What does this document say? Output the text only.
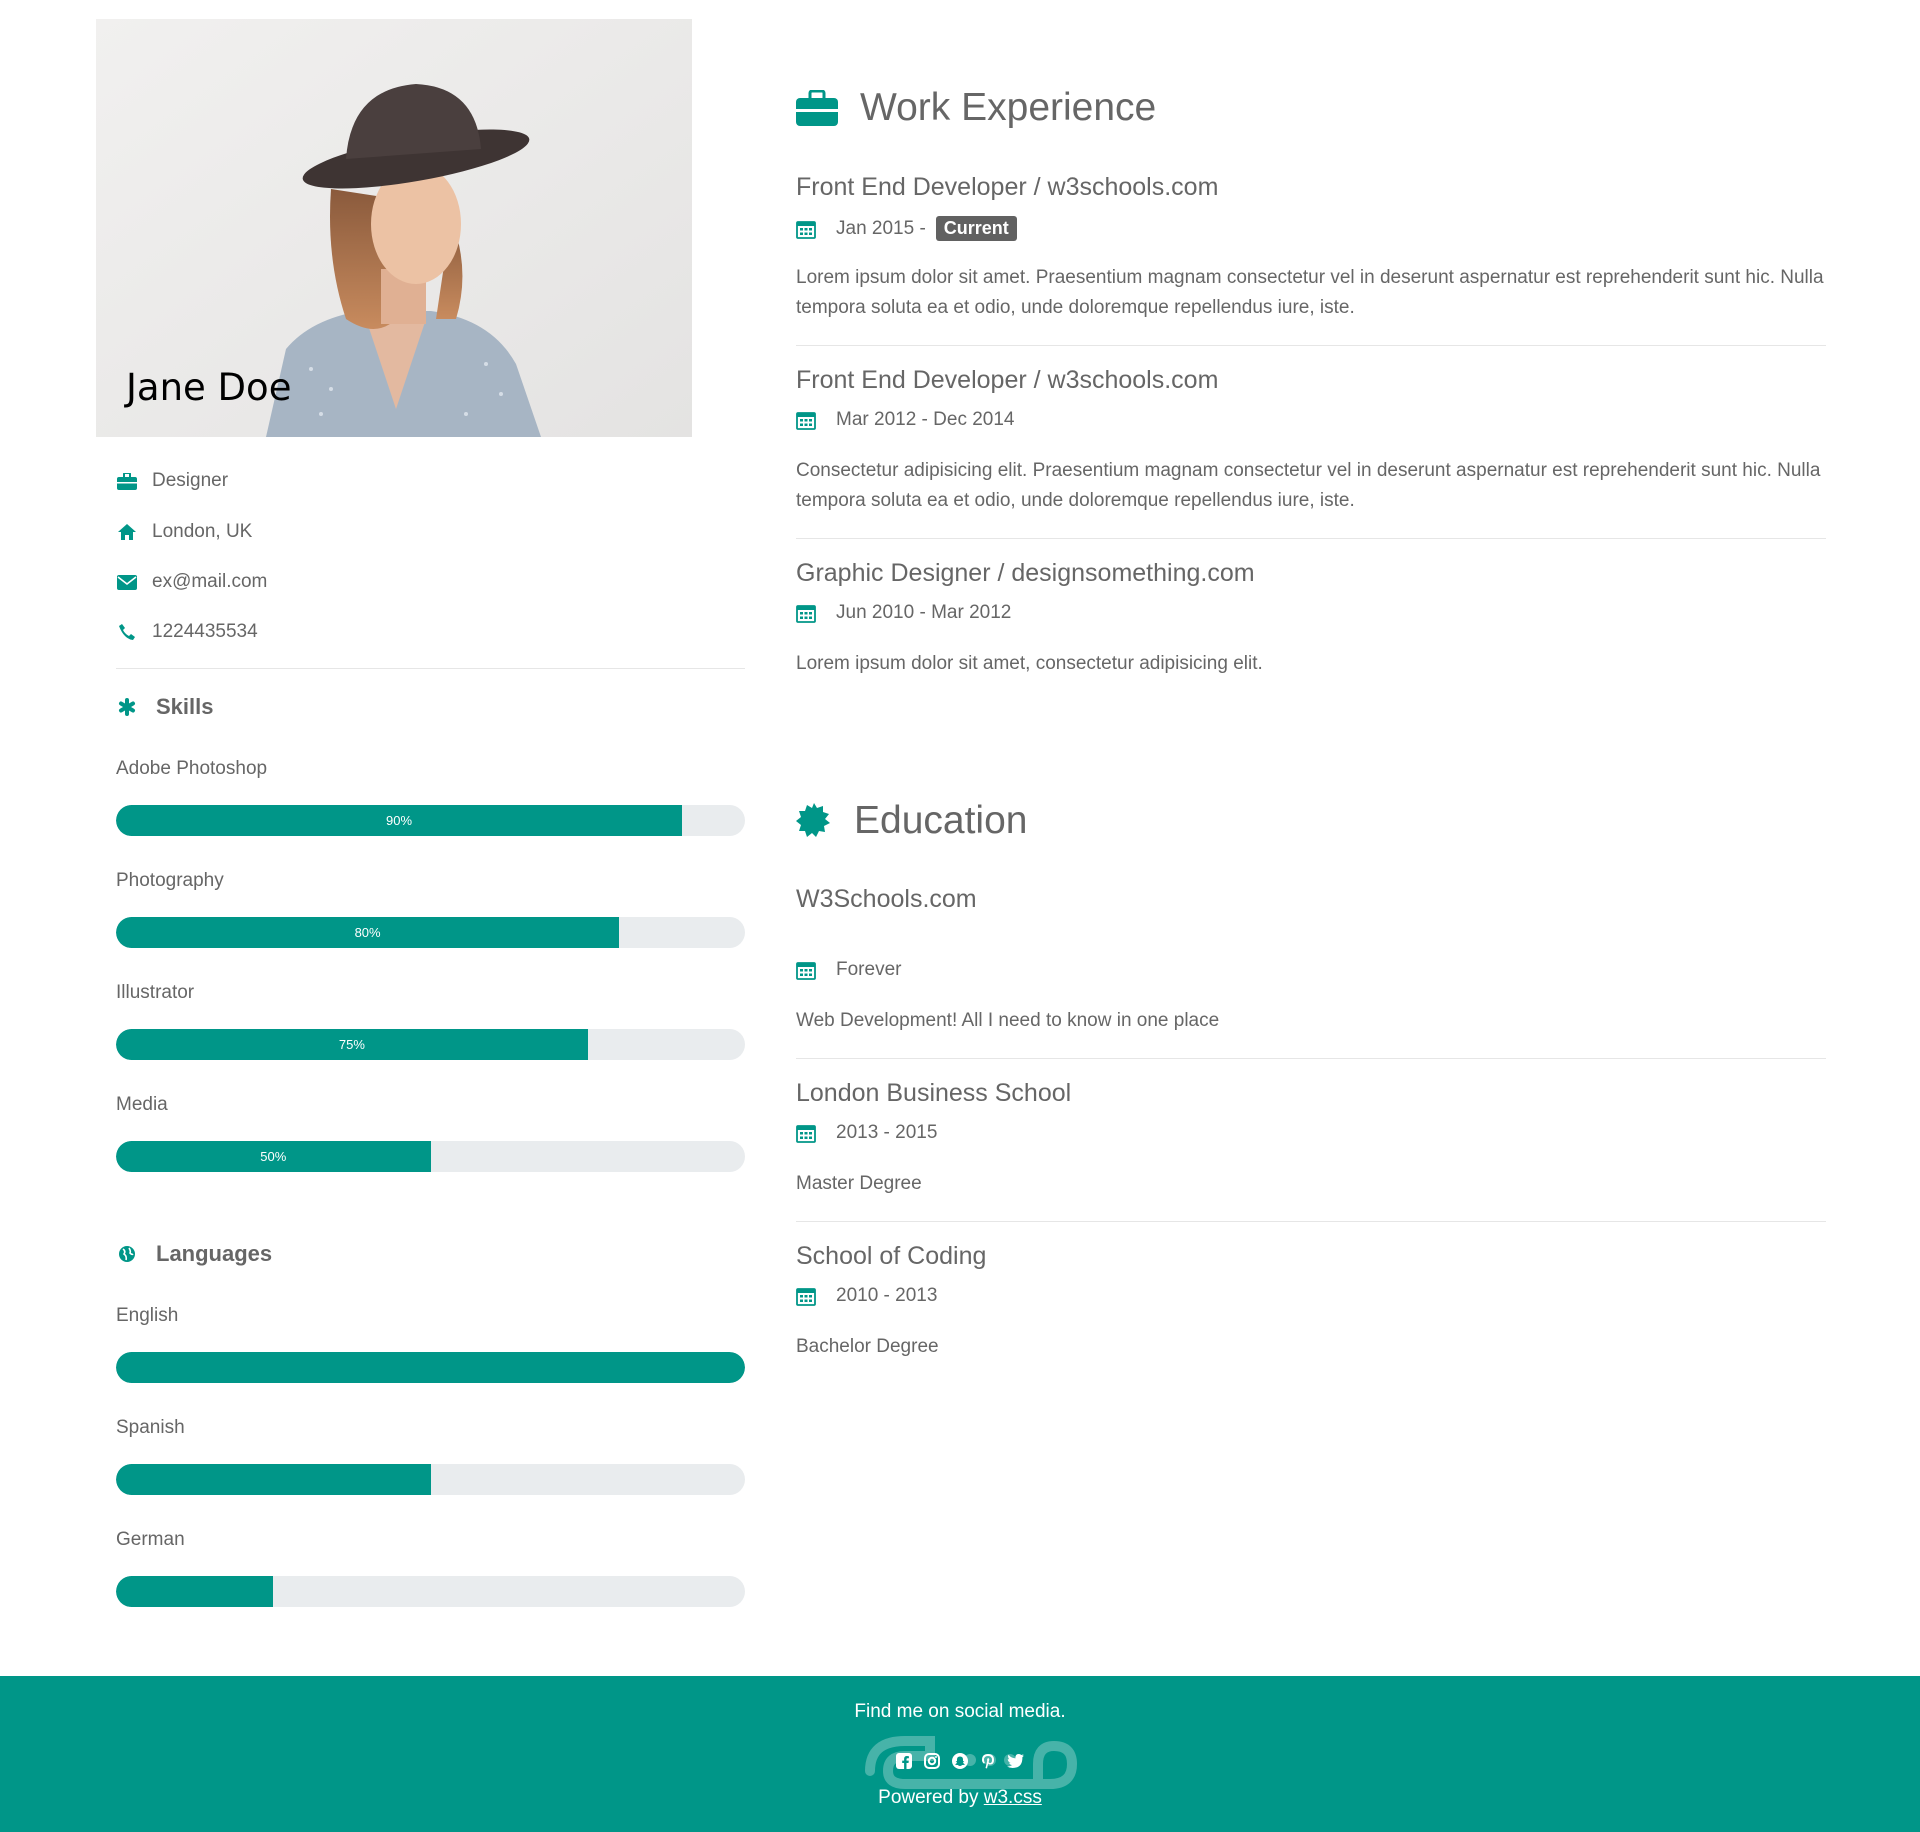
Jane Doe
Designer
London, UK
ex@mail.com
1224435534
Skills
Adobe Photoshop
90%
Photography
80%
Illustrator
75%
Media
50%
Languages
English
Spanish
German
Work Experience
Front End Developer / w3schools.com
Jan 2015 -	Current
Lorem ipsum dolor sit amet. Praesentium magnam consectetur vel in deserunt aspernatur est reprehenderit sunt hic. Nulla tempora soluta ea et odio, unde doloremque repellendus iure, iste.
Front End Developer / w3schools.com
Mar 2012 - Dec 2014
Consectetur adipisicing elit. Praesentium magnam consectetur vel in deserunt aspernatur est reprehenderit sunt hic. Nulla tempora soluta ea et odio, unde doloremque repellendus iure, iste.
Graphic Designer / designsomething.com
Jun 2010 - Mar 2012
Lorem ipsum dolor sit amet, consectetur adipisicing elit.
Education
W3Schools.com
Forever
Web Development! All I need to know in one place
London Business School
2013 - 2015
Master Degree
School of Coding
2010 - 2013
Bachelor Degree
Find me on social media.
Powered by w3.css
